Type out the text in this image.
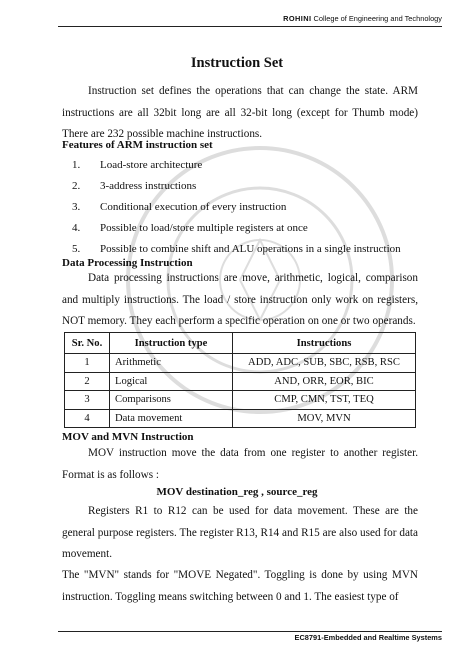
ROHINI College of Engineering and Technology
Instruction Set

Instruction set defines the operations that can change the state. ARM instructions are all 32bit long are all 32-bit long (except for Thumb mode) There are 232 possible machine instructions.

Features of ARM instruction set
1. Load-store architecture
2. 3-address instructions
3. Conditional execution of every instruction
4. Possible to load/store multiple registers at once
5. Possible to combine shift and ALU operations in a single instruction
Data Processing Instruction

Data processing instructions are move, arithmetic, logical, comparison and multiply instructions. The load / store instruction only work on registers, NOT memory. They each perform a specific operation on one or two operands.

Sr. No.	Instruction type	Instructions
1	Arithmetic	ADD, ADC, SUB, SBC, RSB, RSC
2	Logical	AND, ORR, EOR, BIC
3	Comparisons	CMP, CMN, TST, TEQ
4	Data movement	MOV, MVN
MOV and MVN Instruction

MOV instruction move the data from one register to another register. Format is as follows :

MOV destination_reg , source_reg

Registers R1 to R12 can be used for data movement. These are the general purpose registers. The register R13, R14 and R15 are also used for data movement.

The "MVN" stands for "MOVE Negated". Toggling is done by using MVN instruction. Toggling means switching between 0 and 1. The easiest type of

EC8791-Embedded and Realtime Systems
